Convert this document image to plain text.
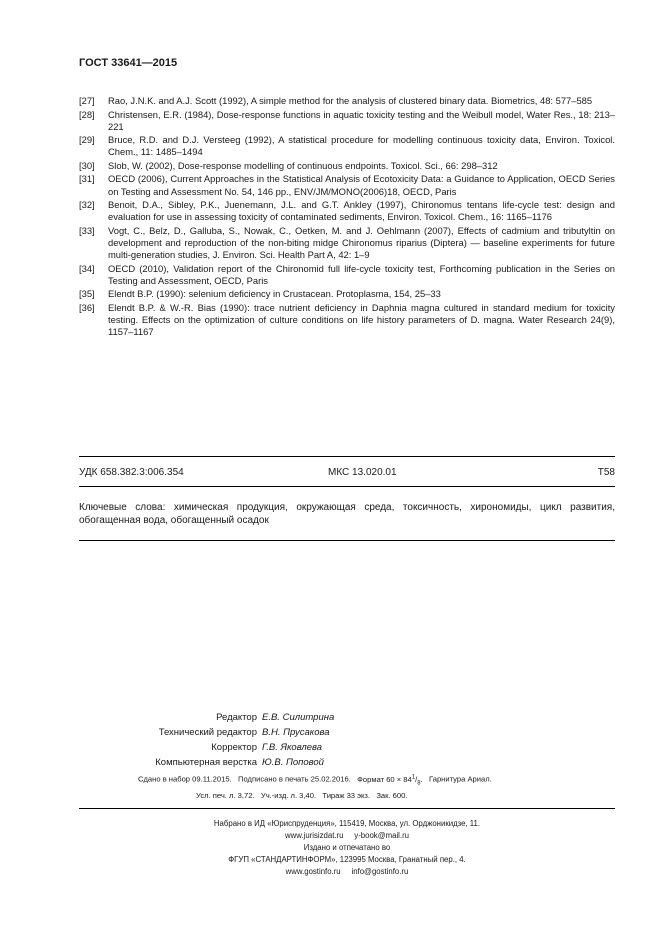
ГОСТ 33641—2015
[27]	Rao, J.N.K. and A.J. Scott (1992), A simple method for the analysis of clustered binary data. Biometrics, 48: 577–585
[28]	Christensen, E.R. (1984), Dose-response functions in aquatic toxicity testing and the Weibull model, Water Res., 18: 213–221
[29]	Bruce, R.D. and D.J. Versteeg (1992), A statistical procedure for modelling continuous toxicity data, Environ. Toxicol. Chem., 11: 1485–1494
[30]	Slob, W. (2002), Dose-response modelling of continuous endpoints. Toxicol. Sci., 66: 298–312
[31]	OECD (2006), Current Approaches in the Statistical Analysis of Ecotoxicity Data: a Guidance to Application, OECD Series on Testing and Assessment No. 54, 146 pp., ENV/JM/MONO(2006)18, OECD, Paris
[32]	Benoit, D.A., Sibley, P.K., Juenemann, J.L. and G.T. Ankley (1997), Chironomus tentans life-cycle test: design and evaluation for use in assessing toxicity of contaminated sediments, Environ. Toxicol. Chem., 16: 1165–1176
[33]	Vogt, C., Belz, D., Galluba, S., Nowak, C., Oetken, M. and J. Oehlmann (2007), Effects of cadmium and tributyltin on development and reproduction of the non-biting midge Chironomus riparius (Diptera) — baseline experiments for future multi-generation studies, J. Environ. Sci. Health Part A, 42: 1–9
[34]	OECD (2010), Validation report of the Chironomid full life-cycle toxicity test, Forthcoming publication in the Series on Testing and Assessment, OECD, Paris
[35]	Elendt B.P. (1990): selenium deficiency in Crustacean. Protoplasma, 154, 25–33
[36]	Elendt B.P. & W.-R. Bias (1990): trace nutrient deficiency in Daphnia magna cultured in standard medium for toxicity testing. Effects on the optimization of culture conditions on life history parameters of D. magna. Water Research 24(9), 1157–1167
УДК 658.382.3:006.354	МКС 13.020.01	T58
Ключевые слова: химическая продукция, окружающая среда, токсичность, хирономиды, цикл развития, обогащенная вода, обогащенный осадок
Редактор Е.В. Силитрина
Технический редактор В.Н. Прусакова
Корректор Г.В. Яковлева
Компьютерная верстка Ю.В. Поповой
Сдано в набор 09.11.2015. Подписано в печать 25.02.2016. Формат $60 \times 84^1/_8$. Гарнитура Ариал.
Усл. печ. л. 3,72.   Уч.-изд. л. 3,40.   Тираж 33 экз.   Зак. 600.
Набрано в ИД «Юриспруденция», 115419, Москва, ул. Орджоникидзе, 11.
www.jurisizdat.ru     y-book@mail.ru
Издано и отпечатано во
ФГУП «СТАНДАРТИНФОРМ», 123995 Москва, Гранатный пер., 4.
www.gostinfo.ru     info@gostinfo.ru
